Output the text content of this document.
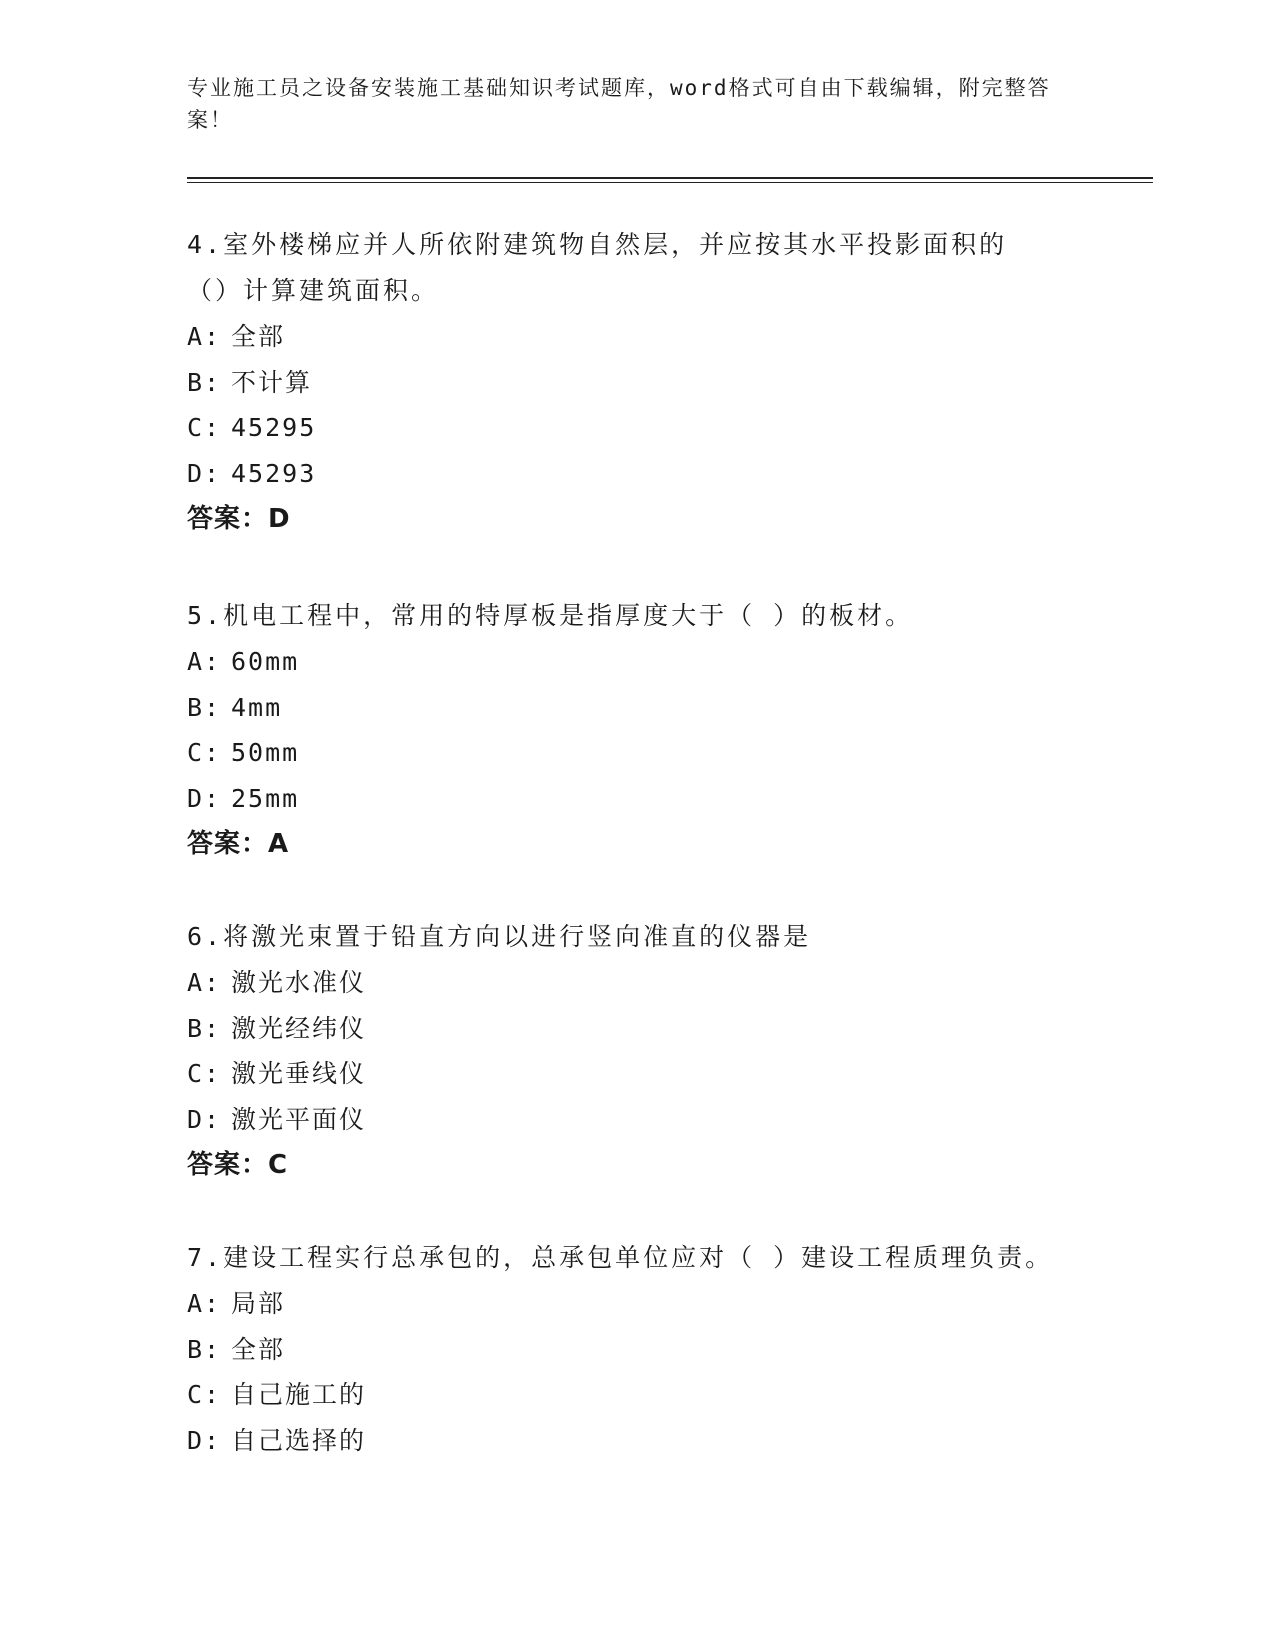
专业施工员之设备安装施工基础知识考试题库，word格式可自由下载编辑，附完整答案！

4.室外楼梯应并人所依附建筑物自然层，并应按其水平投影面积的（）计算建筑面积。

A: 全部

B: 不计算

C: 45295

D: 45293

答案：D

5.机电工程中，常用的特厚板是指厚度大于（ ）的板材。

A: 60mm

B: 4mm

C: 50mm

D: 25mm

答案：A

6.将激光束置于铅直方向以进行竖向准直的仪器是

A: 激光水准仪

B: 激光经纬仪

C: 激光垂线仪

D: 激光平面仪

答案：C

7.建设工程实行总承包的，总承包单位应对（ ）建设工程质理负责。

A: 局部

B: 全部

C: 自己施工的

D: 自己选择的
